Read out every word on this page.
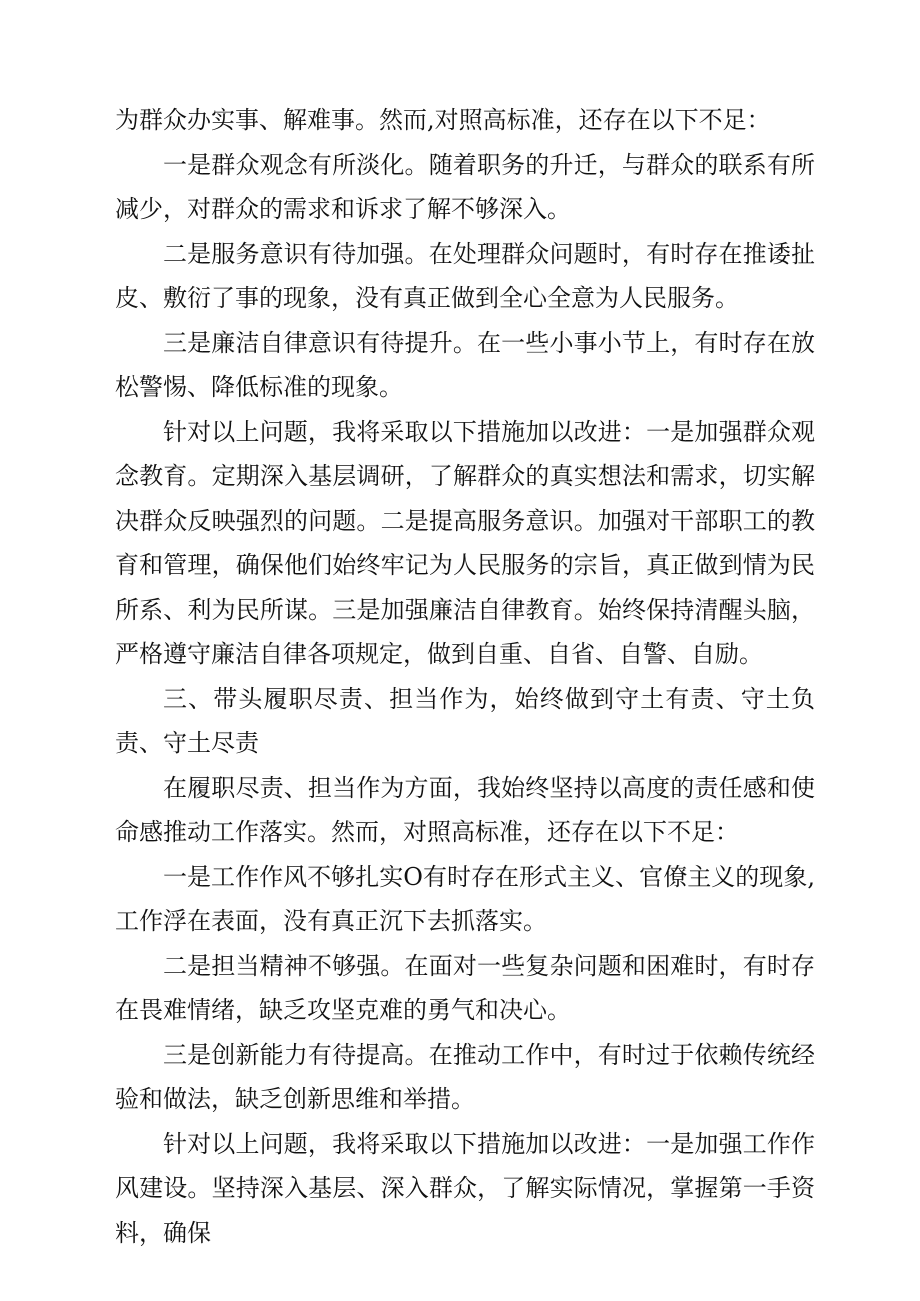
为群众办实事、解难事。然而,对照高标准，还存在以下不足：

一是群众观念有所淡化。随着职务的升迁，与群众的联系有所减少，对群众的需求和诉求了解不够深入。

二是服务意识有待加强。在处理群众问题时，有时存在推诿扯皮、敷衍了事的现象，没有真正做到全心全意为人民服务。

三是廉洁自律意识有待提升。在一些小事小节上，有时存在放松警惕、降低标准的现象。

针对以上问题，我将采取以下措施加以改进：一是加强群众观念教育。定期深入基层调研，了解群众的真实想法和需求，切实解决群众反映强烈的问题。二是提高服务意识。加强对干部职工的教育和管理，确保他们始终牢记为人民服务的宗旨，真正做到情为民所系、利为民所谋。三是加强廉洁自律教育。始终保持清醒头脑，严格遵守廉洁自律各项规定，做到自重、自省、自警、自励。

三、带头履职尽责、担当作为，始终做到守土有责、守土负责、守土尽责

在履职尽责、担当作为方面，我始终坚持以高度的责任感和使命感推动工作落实。然而，对照高标准，还存在以下不足：

一是工作作风不够扎实O有时存在形式主义、官僚主义的现象,工作浮在表面，没有真正沉下去抓落实。

二是担当精神不够强。在面对一些复杂问题和困难时，有时存在畏难情绪，缺乏攻坚克难的勇气和决心。

三是创新能力有待提高。在推动工作中，有时过于依赖传统经验和做法，缺乏创新思维和举措。

针对以上问题，我将采取以下措施加以改进：一是加强工作作风建设。坚持深入基层、深入群众，了解实际情况，掌握第一手资料，确保
